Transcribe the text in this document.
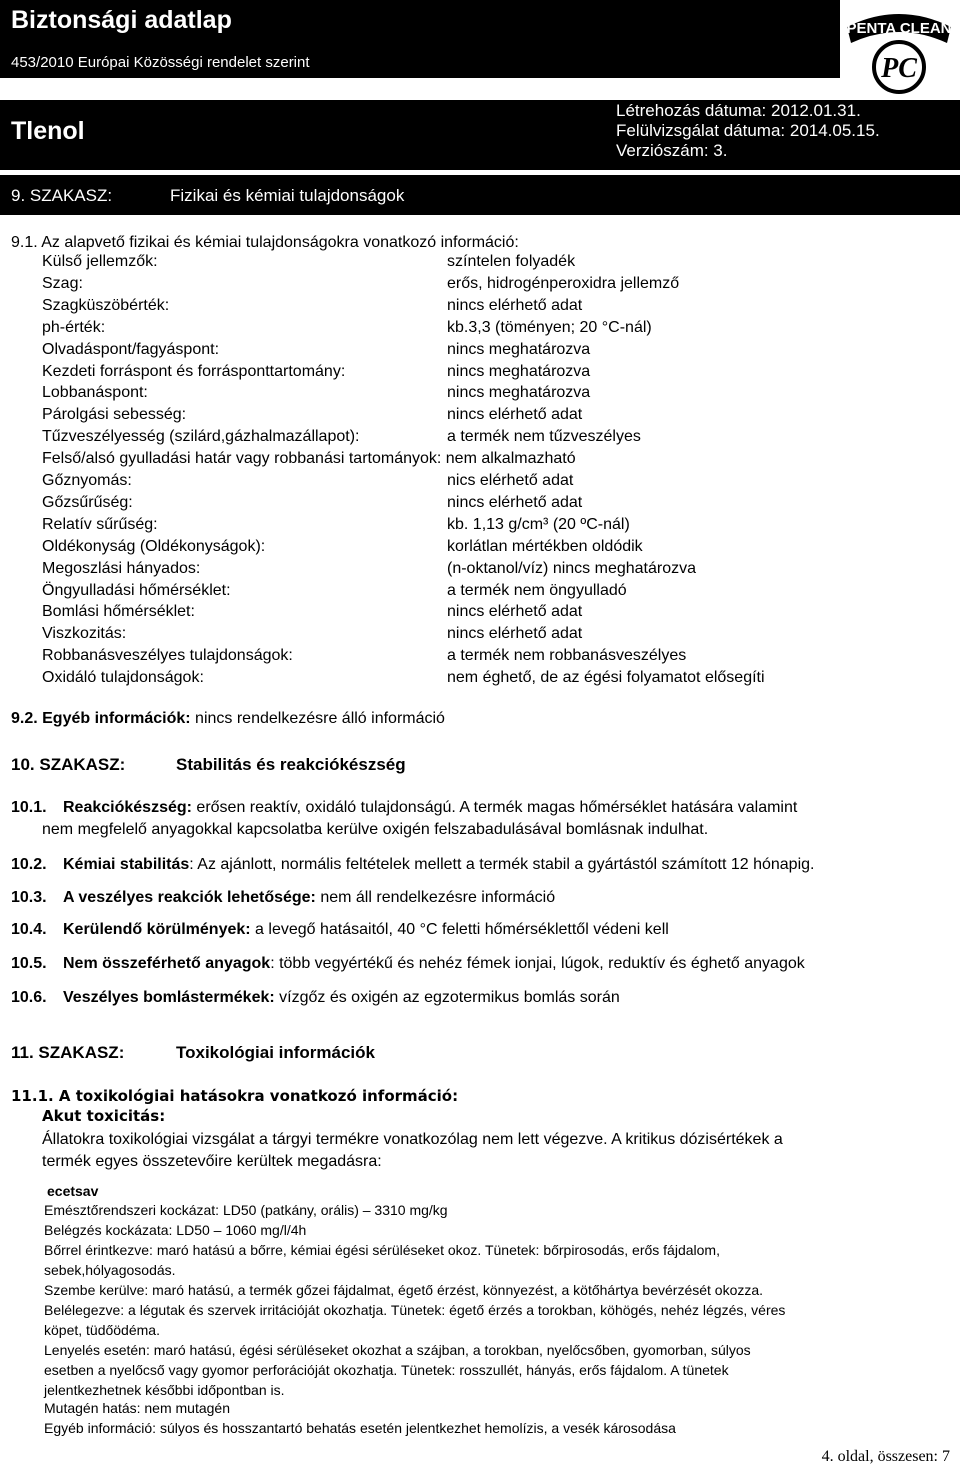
Biztonsági adatlap
453/2010 Európai Közösségi rendelet szerint
PENTA CLEAN
PC
Tlenol
Létrehozás dátuma: 2012.01.31.
Felülvizsgálat dátuma: 2014.05.15.
Verziószám: 3.
9. SZAKASZ:	Fizikai és kémiai tulajdonságok
9.1. Az alapvető fizikai és kémiai tulajdonságokra vonatkozó információ:
Külső jellemzők:	színtelen folyadék
Szag:	erős, hidrogénperoxidra jellemző
Szagküszöbérték:	nincs elérhető adat
ph-érték:	kb.3,3 (töményen; 20 °C-nál)
Olvadáspont/fagyáspont:	nincs meghatározva
Kezdeti forráspont és forrásponttartomány:	nincs meghatározva
Lobbanáspont:	nincs meghatározva
Párolgási sebesség:	nincs elérhető adat
Tűzveszélyesség (szilárd,gázhalmazállapot):	a termék nem tűzveszélyes
Felső/alsó gyulladási határ vagy robbanási tartományok: nem alkalmazható
Gőznyomás:	nics elérhető adat
Gőzsűrűség:	nincs elérhető adat
Relatív sűrűség:	kb. 1,13 g/cm³ (20 ºC-nál)
Oldékonyság (Oldékonyságok):	korlátlan mértékben oldódik
Megoszlási hányados:	(n-oktanol/víz) nincs meghatározva
Öngyulladási hőmérséklet:	a termék nem öngyulladó
Bomlási hőmérséklet:	nincs elérhető adat
Viszkozitás:	nincs elérhető adat
Robbanásveszélyes tulajdonságok:	a termék nem robbanásveszélyes
Oxidáló tulajdonságok:	nem éghető, de az égési folyamatot elősegíti
9.2. Egyéb információk: nincs rendelkezésre álló információ
10. SZAKASZ:	Stabilitás és reakciókészség
10.1. Reakciókészség: erősen reaktív, oxidáló tulajdonságú. A termék magas hőmérséklet hatására valamint
nem megfelelő anyagokkal kapcsolatba kerülve oxigén felszabadulásával bomlásnak indulhat.
10.2. Kémiai stabilitás: Az ajánlott, normális feltételek mellett a termék stabil a gyártástól számított 12 hónapig.
10.3. A veszélyes reakciók lehetősége: nem áll rendelkezésre információ
10.4. Kerülendő körülmények: a levegő hatásaitól, 40 °C feletti hőmérséklettől védeni kell
10.5. Nem összeférhető anyagok: több vegyértékű és nehéz fémek ionjai, lúgok, reduktív és éghető anyagok
10.6. Veszélyes bomlástermékek: vízgőz és oxigén az egzotermikus bomlás során
11. SZAKASZ:	Toxikológiai információk
11.1. A toxikológiai hatásokra vonatkozó információ:
Akut toxicitás:
Állatokra toxikológiai vizsgálat a tárgyi termékre vonatkozólag nem lett végezve. A kritikus dózisértékek a
termék egyes összetevőire kerültek megadásra:
ecetsav
Emésztőrendszeri kockázat: LD50 (patkány, orális) – 3310 mg/kg
Belégzés kockázata: LD50 – 1060 mg/l/4h
Bőrrel érintkezve: maró hatású a bőrre, kémiai égési sérüléseket okoz. Tünetek: bőrpirosodás, erős fájdalom,
sebek,hólyagosodás.
Szembe kerülve: maró hatású, a termék gőzei fájdalmat, égető érzést, könnyezést, a kötőhártya bevérzését okozza.
Belélegezve: a légutak és szervek irritációját okozhatja. Tünetek: égető érzés a torokban, köhögés, nehéz légzés, véres
köpet, tüdőödéma.
Lenyelés esetén: maró hatású, égési sérüléseket okozhat a szájban, a torokban, nyelőcsőben, gyomorban, súlyos
esetben a nyelőcső vagy gyomor perforációját okozhatja. Tünetek: rosszullét, hányás, erős fájdalom. A tünetek
jelentkezhetnek későbbi időpontban is.
Mutagén hatás: nem mutagén
Egyéb információ: súlyos és hosszantartó behatás esetén jelentkezhet hemolízis, a vesék károsodása
4. oldal, összesen: 7
